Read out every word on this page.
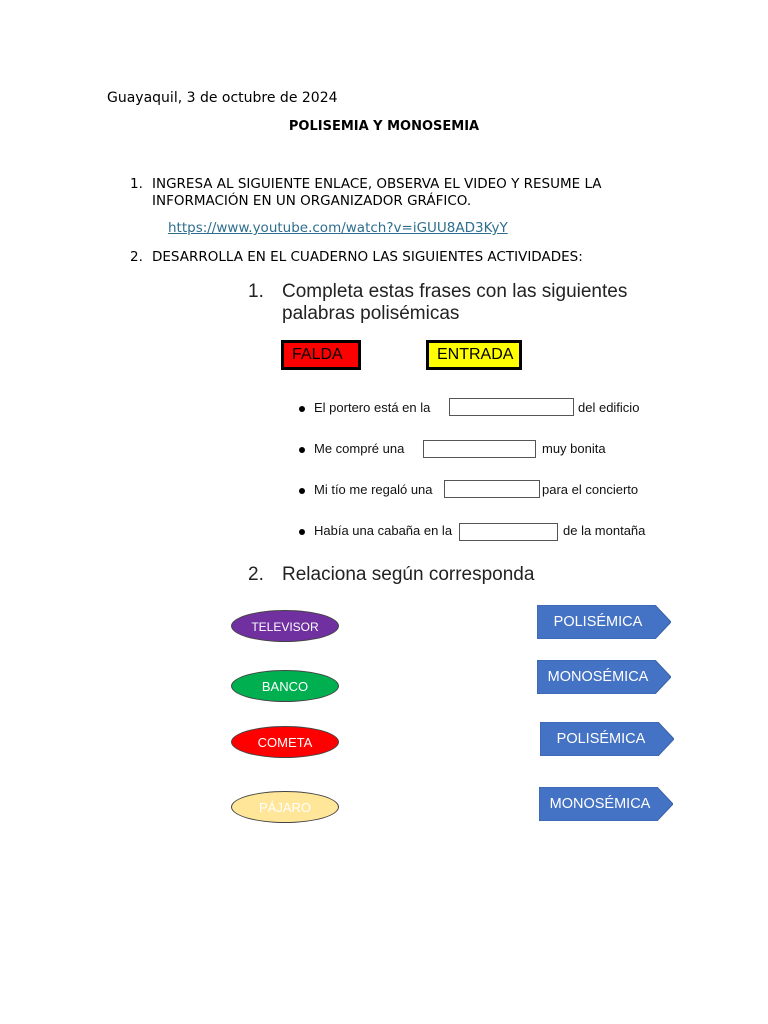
Guayaquil, 3 de octubre de 2024
POLISEMIA Y MONOSEMIA
1. INGRESA AL SIGUIENTE ENLACE, OBSERVA EL VIDEO Y RESUME LA INFORMACIÓN EN UN ORGANIZADOR GRÁFICO.
https://www.youtube.com/watch?v=iGUU8AD3KyY
2. DESARROLLA EN EL CUADERNO LAS SIGUIENTES ACTIVIDADES:
1. Completa estas frases con las siguientes
palabras polisémicas
FALDA	ENTRADA
El portero está en la	del edificio
Me compré una	muy bonita
Mi tío me regaló una	para el concierto
Había una cabaña en la	de la montaña
2. Relaciona según corresponda
TELEVISOR
BANCO
COMETA
PÁJARO
POLISÉMICA
MONOSÉMICA
POLISÉMICA
MONOSÉMICA
